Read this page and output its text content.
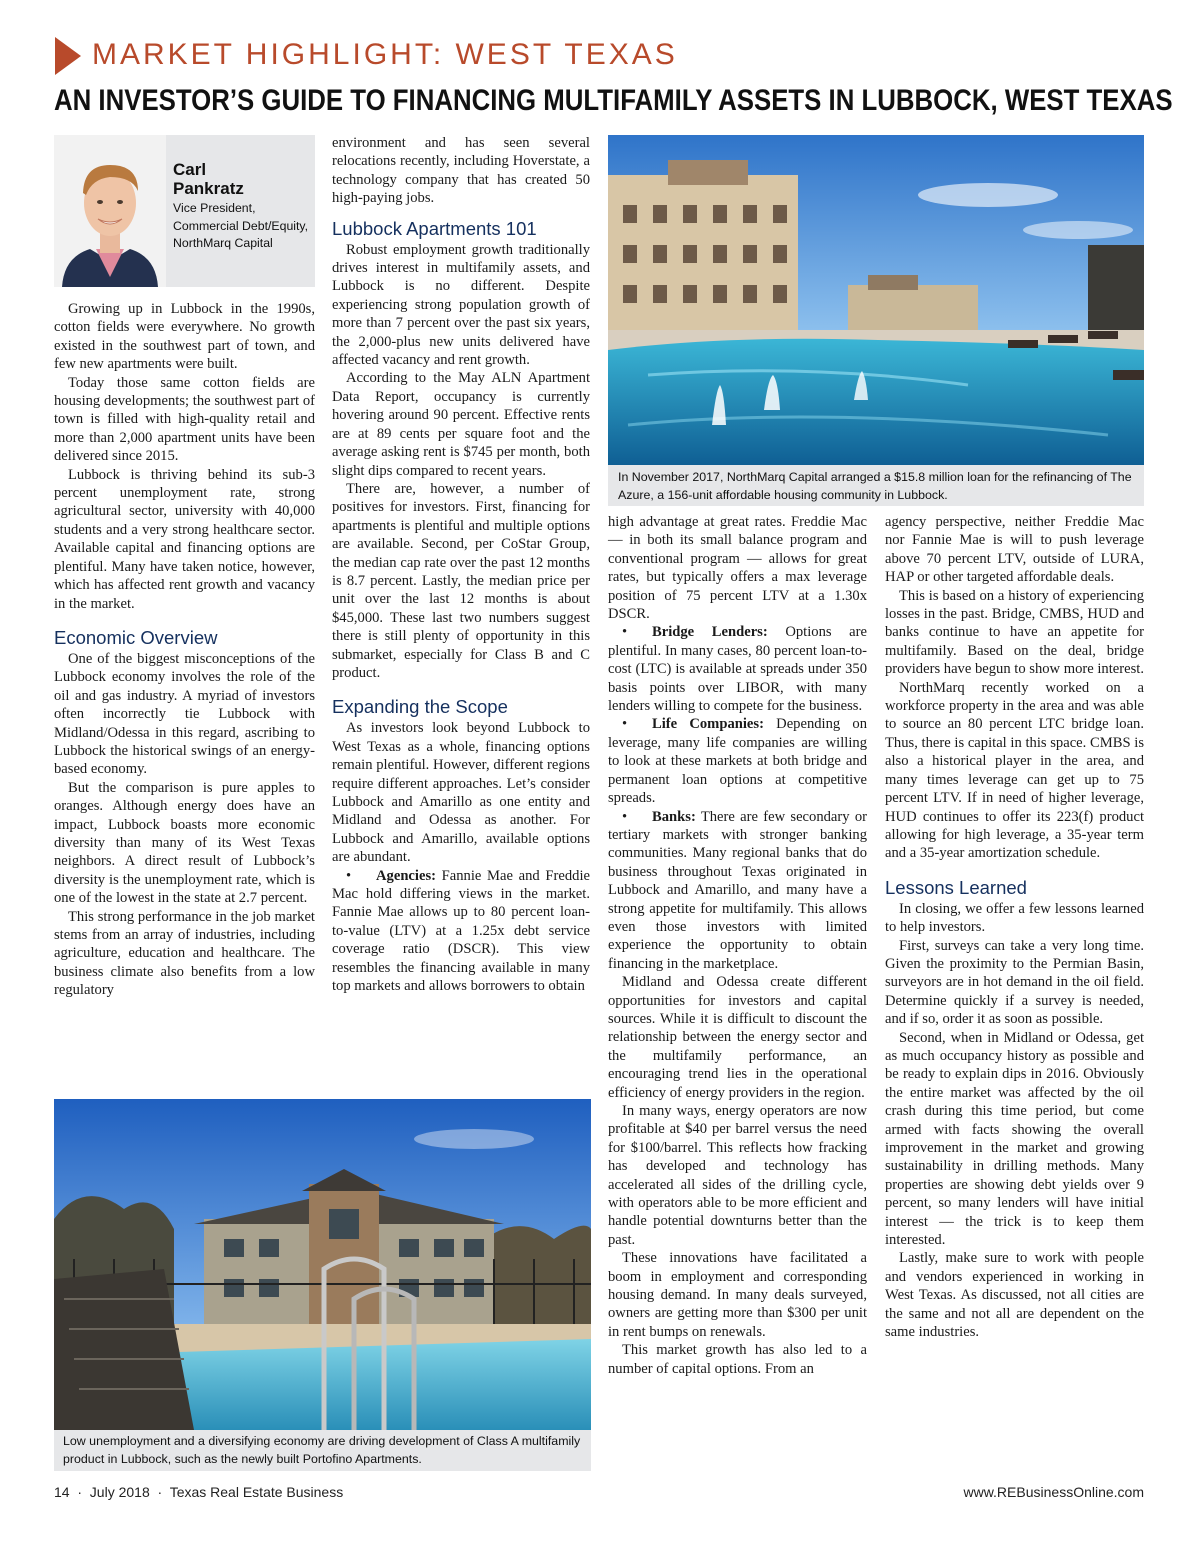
MARKET HIGHLIGHT: WEST TEXAS
AN INVESTOR’S GUIDE TO FINANCING MULTIFAMILY ASSETS IN LUBBOCK, WEST TEXAS
Carl
Pankratz
Vice President,
Commercial Debt/Equity,
NorthMarq Capital

Growing up in Lubbock in the 1990s, cotton fields were everywhere. No growth existed in the southwest part of town, and few new apartments were built.

Today those same cotton fields are housing developments; the southwest part of town is filled with high-quality retail and more than 2,000 apartment units have been delivered since 2015.

Lubbock is thriving behind its sub-3 percent unemployment rate, strong agricultural sector, university with 40,000 students and a very strong healthcare sector. Available capital and financing options are plentiful. Many have taken notice, however, which has affected rent growth and vacancy in the market.

Economic Overview

One of the biggest misconceptions of the Lubbock economy involves the role of the oil and gas industry. A myriad of investors often incorrectly tie Lubbock with Midland/Odessa in this regard, ascribing to Lubbock the historical swings of an energy-based economy.

But the comparison is pure apples to oranges. Although energy does have an impact, Lubbock boasts more economic diversity than many of its West Texas neighbors. A direct result of Lubbock’s diversity is the unemployment rate, which is one of the lowest in the state at 2.7 percent.

This strong performance in the job market stems from an array of industries, including agriculture, education and healthcare. The business climate also benefits from a low regulatory

environment and has seen several relocations recently, including Hoverstate, a technology company that has created 50 high-paying jobs.

Lubbock Apartments 101

Robust employment growth traditionally drives interest in multifamily assets, and Lubbock is no different. Despite experiencing strong population growth of more than 7 percent over the past six years, the 2,000-plus new units delivered have affected vacancy and rent growth.

According to the May ALN Apartment Data Report, occupancy is currently hovering around 90 percent. Effective rents are at 89 cents per square foot and the average asking rent is $745 per month, both slight dips compared to recent years.

There are, however, a number of positives for investors. First, financing for apartments is plentiful and multiple options are available. Second, per CoStar Group, the median cap rate over the past 12 months is 8.7 percent. Lastly, the median price per unit over the last 12 months is about $45,000. These last two numbers suggest there is still plenty of opportunity in this submarket, especially for Class B and C product.

Expanding the Scope

As investors look beyond Lubbock to West Texas as a whole, financing options remain plentiful. However, different regions require different approaches. Let’s consider Lubbock and Amarillo as one entity and Midland and Odessa as another. For Lubbock and Amarillo, available options are abundant.

• Agencies: Fannie Mae and Freddie Mac hold differing views in the market. Fannie Mae allows up to 80 percent loan-to-value (LTV) at a 1.25x debt service coverage ratio (DSCR). This view resembles the financing available in many top markets and allows borrowers to obtain

In November 2017, NorthMarq Capital arranged a $15.8 million loan for the refinancing of The Azure, a 156-unit affordable housing community in Lubbock.

high advantage at great rates. Freddie Mac — in both its small balance program and conventional program — allows for great rates, but typically offers a max leverage position of 75 percent LTV at a 1.30x DSCR.

• Bridge Lenders: Options are plentiful. In many cases, 80 percent loan-to-cost (LTC) is available at spreads under 350 basis points over LIBOR, with many lenders willing to compete for the business.

• Life Companies: Depending on leverage, many life companies are willing to look at these markets at both bridge and permanent loan options at competitive spreads.

• Banks: There are few secondary or tertiary markets with stronger banking communities. Many regional banks that do business throughout Texas originated in Lubbock and Amarillo, and many have a strong appetite for multifamily. This allows even those investors with limited experience the opportunity to obtain financing in the marketplace.

Midland and Odessa create different opportunities for investors and capital sources. While it is difficult to discount the relationship between the energy sector and the multifamily performance, an encouraging trend lies in the operational efficiency of energy providers in the region.

In many ways, energy operators are now profitable at $40 per barrel versus the need for $100/barrel. This reflects how fracking has developed and technology has accelerated all sides of the drilling cycle, with operators able to be more efficient and handle potential downturns better than the past.

These innovations have facilitated a boom in employment and corresponding housing demand. In many deals surveyed, owners are getting more than $300 per unit in rent bumps on renewals.

This market growth has also led to a number of capital options. From an

agency perspective, neither Freddie Mac nor Fannie Mae is will to push leverage above 70 percent LTV, outside of LURA, HAP or other targeted affordable deals.

This is based on a history of experiencing losses in the past. Bridge, CMBS, HUD and banks continue to have an appetite for multifamily. Based on the deal, bridge providers have begun to show more interest.

NorthMarq recently worked on a workforce property in the area and was able to source an 80 percent LTC bridge loan. Thus, there is capital in this space. CMBS is also a historical player in the area, and many times leverage can get up to 75 percent LTV. If in need of higher leverage, HUD continues to offer its 223(f) product allowing for high leverage, a 35-year term and a 35-year amortization schedule.

Lessons Learned

In closing, we offer a few lessons learned to help investors.

First, surveys can take a very long time. Given the proximity to the Permian Basin, surveyors are in hot demand in the oil field. Determine quickly if a survey is needed, and if so, order it as soon as possible.

Second, when in Midland or Odessa, get as much occupancy history as possible and be ready to explain dips in 2016. Obviously the entire market was affected by the oil crash during this time period, but come armed with facts showing the overall improvement in the market and growing sustainability in drilling methods. Many properties are showing debt yields over 9 percent, so many lenders will have initial interest — the trick is to keep them interested.

Lastly, make sure to work with people and vendors experienced in working in West Texas. As discussed, not all cities are the same and not all are dependent on the same industries.

Low unemployment and a diversifying economy are driving development of Class A multifamily product in Lubbock, such as the newly built Portofino Apartments.
14  ·  July 2018  ·  Texas Real Estate Business	www.REBusinessOnline.com
